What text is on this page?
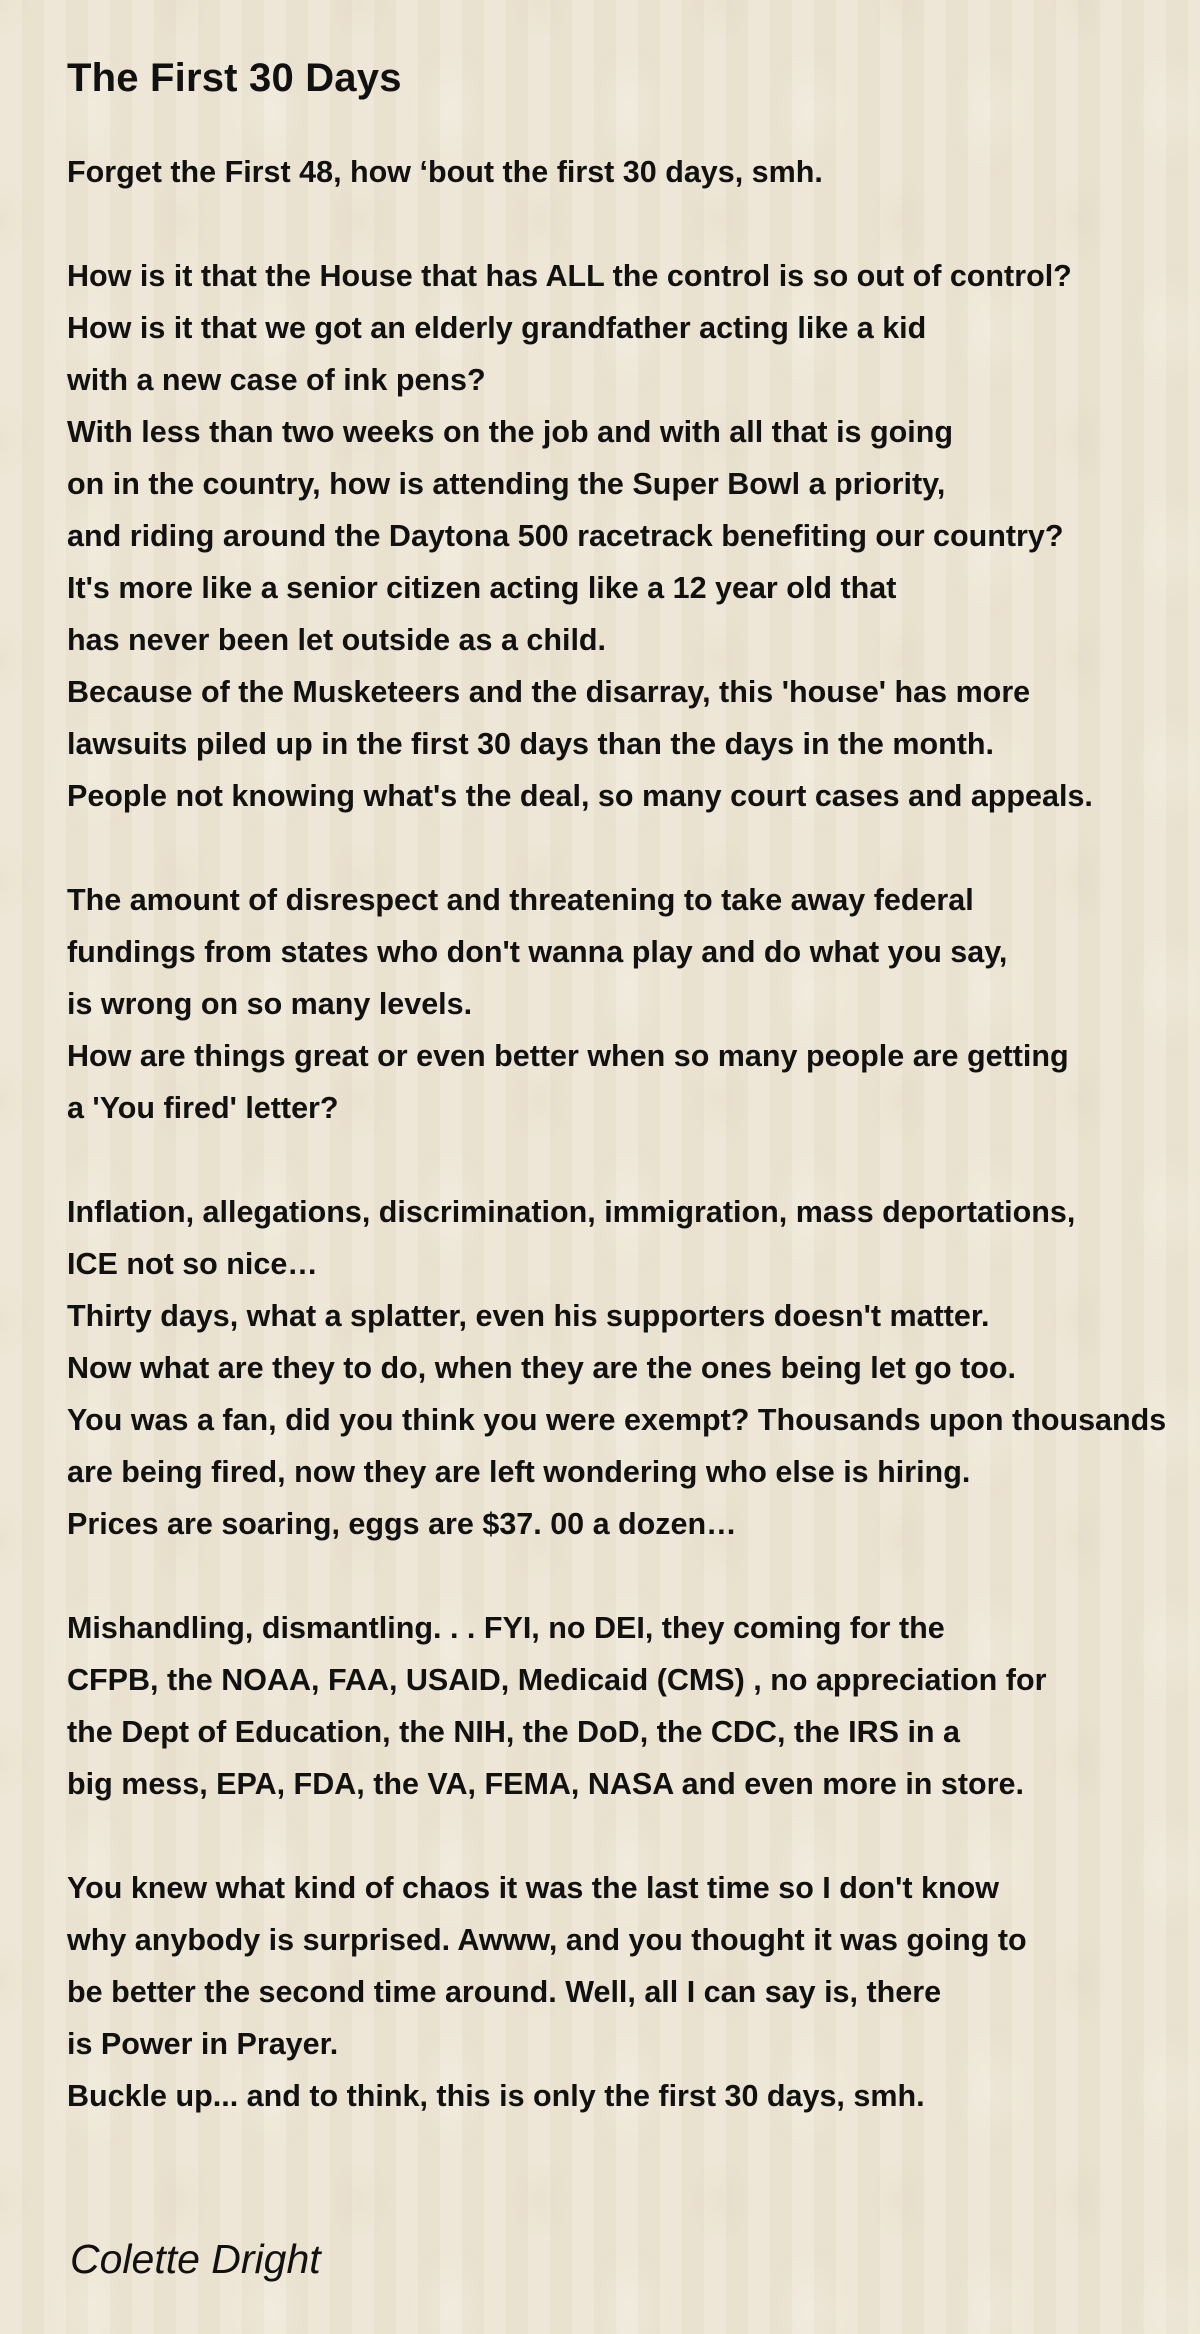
The First 30 Days
Forget the First 48, how ‘bout the first 30 days, smh.
How is it that the House that has ALL the control is so out of control?
How is it that we got an elderly grandfather acting like a kid
with a new case of ink pens?
With less than two weeks on the job and with all that is going
on in the country, how is attending the Super Bowl a priority,
and riding around the Daytona 500 racetrack benefiting our country?
It's more like a senior citizen acting like a 12 year old that
has never been let outside as a child.
Because of the Musketeers and the disarray, this 'house' has more
lawsuits piled up in the first 30 days than the days in the month.
People not knowing what's the deal, so many court cases and appeals.
The amount of disrespect and threatening to take away federal
fundings from states who don't wanna play and do what you say,
is wrong on so many levels.
How are things great or even better when so many people are getting
a 'You fired' letter?
Inflation, allegations, discrimination, immigration, mass deportations,
ICE not so nice…
Thirty days, what a splatter, even his supporters doesn't matter.
Now what are they to do, when they are the ones being let go too.
You was a fan, did you think you were exempt? Thousands upon thousands
are being fired, now they are left wondering who else is hiring.
Prices are soaring, eggs are $37. 00 a dozen…
Mishandling, dismantling. . . FYI, no DEI, they coming for the
CFPB, the NOAA, FAA, USAID, Medicaid (CMS) , no appreciation for
the Dept of Education, the NIH, the DoD, the CDC, the IRS in a
big mess, EPA, FDA, the VA, FEMA, NASA and even more in store.
You knew what kind of chaos it was the last time so I don't know
why anybody is surprised. Awww, and you thought it was going to
be better the second time around. Well, all I can say is, there
is Power in Prayer.
Buckle up... and to think, this is only the first 30 days, smh.
Colette Dright
